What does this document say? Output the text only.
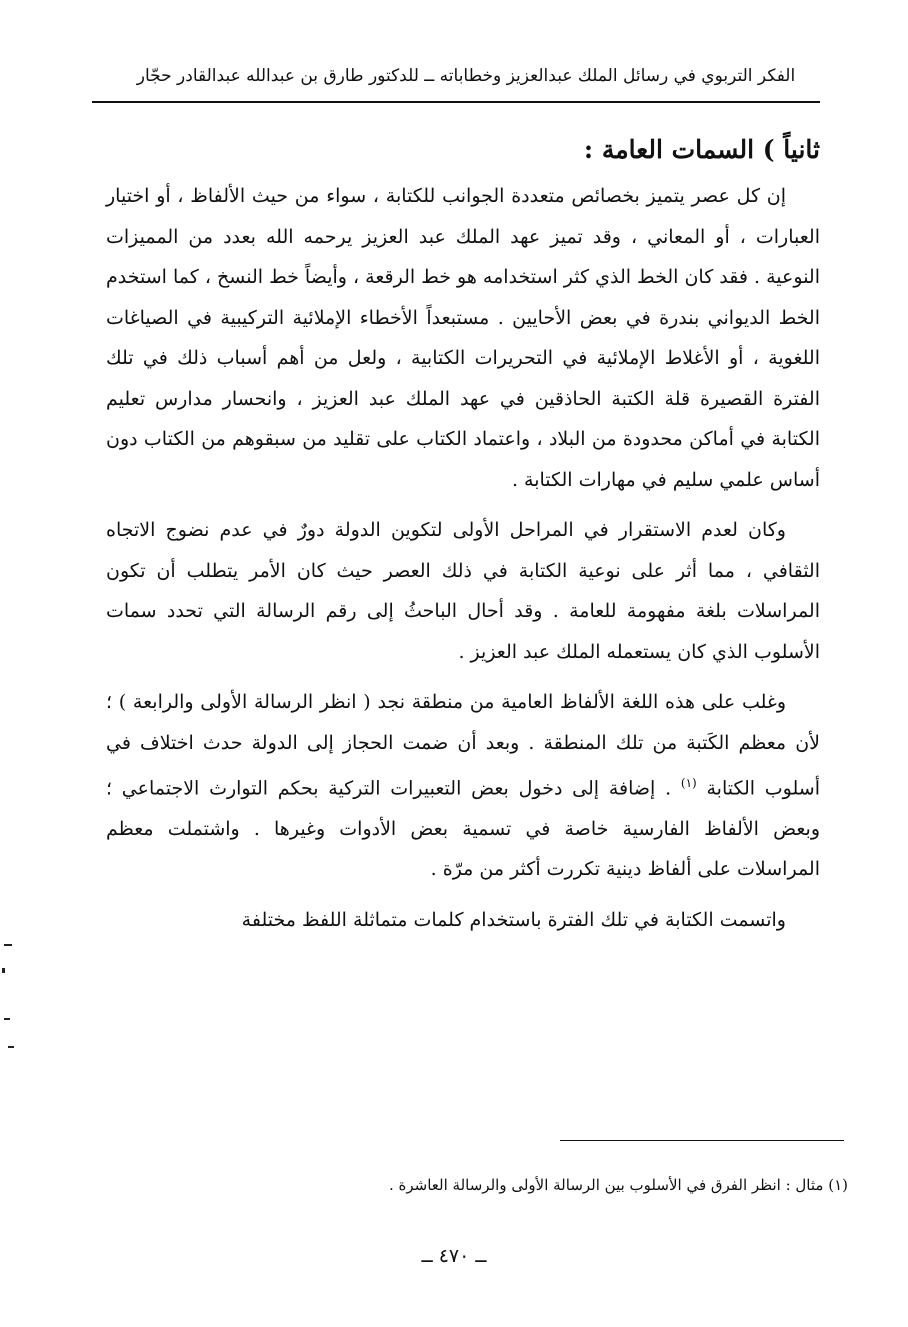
الفكر التربوي في رسائل الملك عبدالعزيز وخطاباته ــ للدكتور طارق بن عبدالله عبدالقادر حجّار
ثانياً ) السمات العامة :

إن كل عصر يتميز بخصائص متعددة الجوانب للكتابة ، سواء من حيث الألفاظ ، أو اختيار العبارات ، أو المعاني ، وقد تميز عهد الملك عبد العزيز يرحمه الله بعدد من المميزات النوعية . فقد كان الخط الذي كثر استخدامه هو خط الرقعة ، وأيضاً خط النسخ ، كما استخدم الخط الديواني بندرة في بعض الأحايين . مستبعداً الأخطاء الإملائية التركيبية في الصياغات اللغوية ، أو الأغلاط الإملائية في التحريرات الكتابية ، ولعل من أهم أسباب ذلك في تلك الفترة القصيرة قلة الكتبة الحاذقين في عهد الملك عبد العزيز ، وانحسار مدارس تعليم الكتابة في أماكن محدودة من البلاد ، واعتماد الكتاب على تقليد من سبقوهم من الكتاب دون أساس علمي سليم في مهارات الكتابة .

وكان لعدم الاستقرار في المراحل الأولى لتكوين الدولة دورٌ في عدم نضوج الاتجاه الثقافي ، مما أثر على نوعية الكتابة في ذلك العصر حيث كان الأمر يتطلب أن تكون المراسلات بلغة مفهومة للعامة . وقد أحال الباحثُ إلى رقم الرسالة التي تحدد سمات الأسلوب الذي كان يستعمله الملك عبد العزيز .

وغلب على هذه اللغة الألفاظ العامية من منطقة نجد ( انظر الرسالة الأولى والرابعة ) ؛ لأن معظم الكَتبة من تلك المنطقة . وبعد أن ضمت الحجاز إلى الدولة حدث اختلاف في أسلوب الكتابة $^{(١)}$ . إضافة إلى دخول بعض التعبيرات التركية بحكم التوارث الاجتماعي ؛ وبعض الألفاظ الفارسية خاصة في تسمية بعض الأدوات وغيرها . واشتملت معظم المراسلات على ألفاظ دينية تكررت أكثر من مرّة .

واتسمت الكتابة في تلك الفترة باستخدام كلمات متماثلة اللفظ مختلفة

(١) مثال : انظر الفرق في الأسلوب بين الرسالة الأولى والرسالة العاشرة .
ــ ٤٧٠ ــ
